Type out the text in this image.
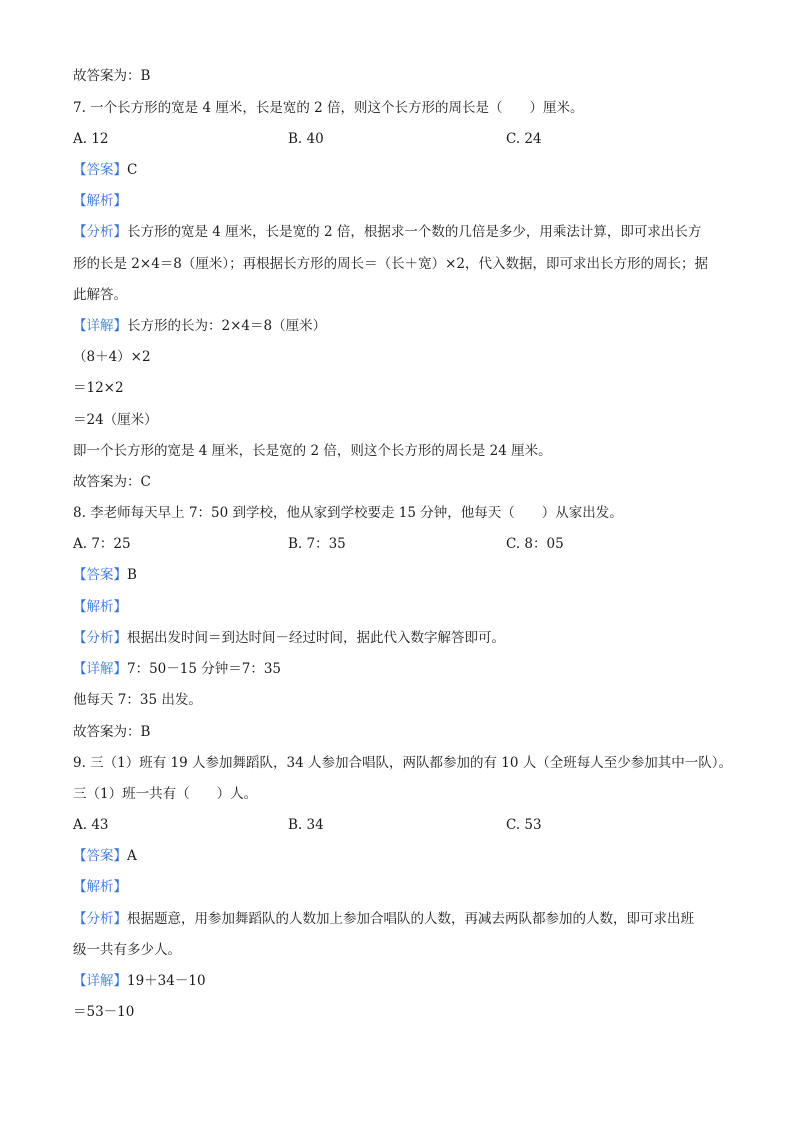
故答案为：B
7. 一个长方形的宽是 4 厘米，长是宽的 2 倍，则这个长方形的周长是（　　）厘米。
A. 12	B. 40	C. 24
【答案】C
【解析】
【分析】长方形的宽是 4 厘米，长是宽的 2 倍，根据求一个数的几倍是多少，用乘法计算，即可求出长方
形的长是 2×4＝8（厘米）；再根据长方形的周长＝（长＋宽）×2，代入数据，即可求出长方形的周长；据
此解答。
【详解】长方形的长为：2×4＝8（厘米）
（8＋4）×2
＝12×2
＝24（厘米）
即一个长方形的宽是 4 厘米，长是宽的 2 倍，则这个长方形的周长是 24 厘米。
故答案为：C
8. 李老师每天早上 7：50 到学校，他从家到学校要走 15 分钟，他每天（　　）从家出发。
A. 7：25	B. 7：35	C. 8：05
【答案】B
【解析】
【分析】根据出发时间＝到达时间－经过时间，据此代入数字解答即可。
【详解】7：50－15 分钟＝7：35
他每天 7：35 出发。
故答案为：B
9. 三（1）班有 19 人参加舞蹈队，34 人参加合唱队，两队都参加的有 10 人（全班每人至少参加其中一队）。
三（1）班一共有（　　）人。
A. 43	B. 34	C. 53
【答案】A
【解析】
【分析】根据题意，用参加舞蹈队的人数加上参加合唱队的人数，再减去两队都参加的人数，即可求出班
级一共有多少人。
【详解】19＋34－10
＝53－10
